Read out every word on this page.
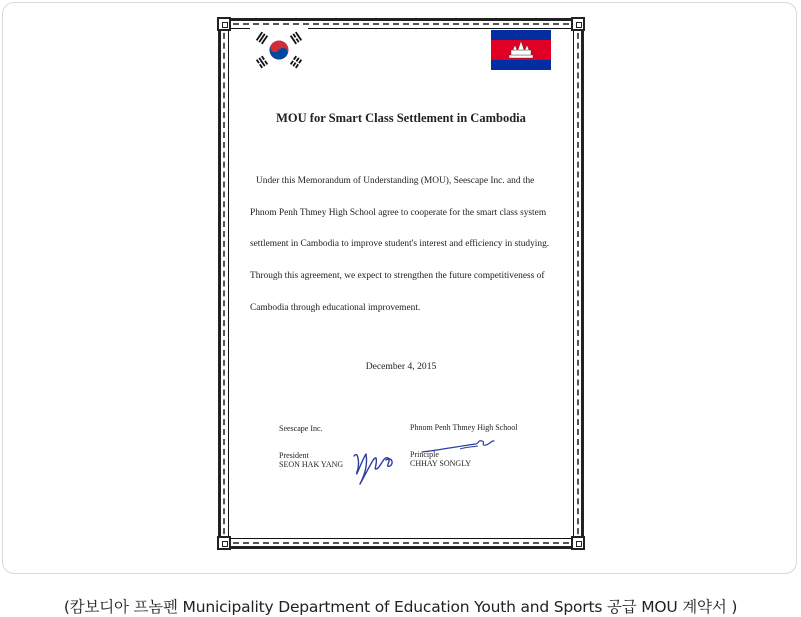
MOU for Smart Class Settlement in Cambodia
Under this Memorandum of Understanding (MOU), Seescape Inc. and the
Phnom Penh Thmey High School agree to cooperate for the smart class system
settlement in Cambodia to improve student's interest and efficiency in studying.
Through this agreement, we expect to strengthen the future competitiveness of
Cambodia through educational improvement.
December 4, 2015
Seescape Inc.
President
SEON HAK YANG
Phnom Penh Thmey High School
Principle
CHHAY SONGLY
(캄보디아 프놈펜 Municipality Department of Education Youth and Sports 공급 MOU 계약서 )
